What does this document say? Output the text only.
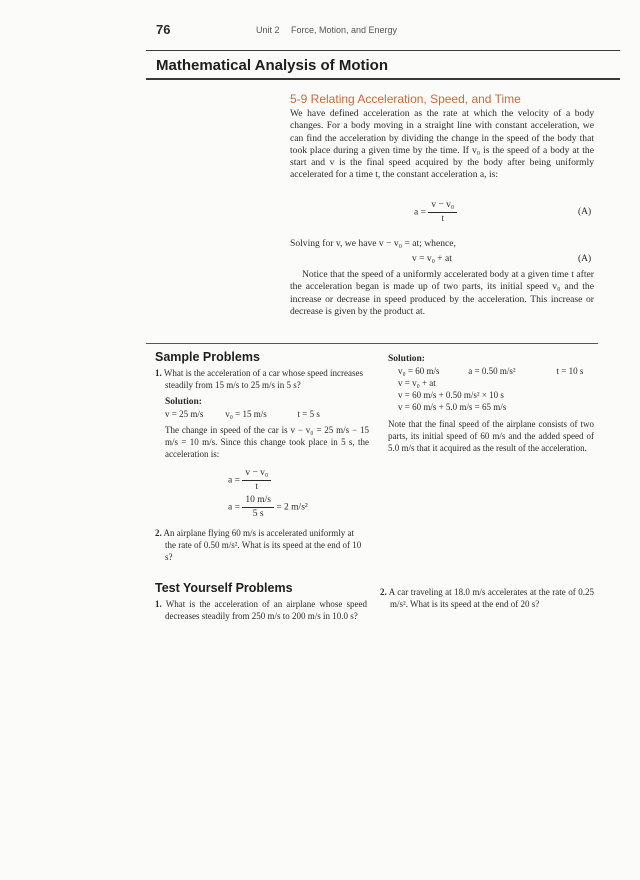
76	Unit 2 Force, Motion, and Energy
Mathematical Analysis of Motion
5-9 Relating Acceleration, Speed, and Time

We have defined acceleration as the rate at which the velocity of a body changes. For a body moving in a straight line with constant acceleration, we can find the acceleration by dividing the change in the speed of the body that took place during a given time by the time. If v₀ is the speed of a body at the start and v is the final speed acquired by the body after being uniformly accelerated for a time t, the constant acceleration a, is:

$a = \frac{\text{v − v₀}}{t}$	(A)
Solving for v, we have v − v₀ = at; whence,
v = v₀ + at	(A)

Notice that the speed of a uniformly accelerated body at a given time t after the acceleration began is made up of two parts, its initial speed v₀ and the increase or decrease in speed produced by the acceleration. This increase or decrease is given by the product at.

Sample Problems

1. What is the acceleration of a car whose speed increases steadily from 15 m/s to 25 m/s in 5 s?

Solution:
v = 25 m/s v₀ = 15 m/s	t = 5 s

The change in speed of the car is v − v₀ = 25 m/s − 15 m/s = 10 m/s. Since this change took place in 5 s, the acceleration is:

$a = \frac{\text{v − v₀}}{t}$
$a = \frac{10 m/s}{5 s} = 2$ m/s²

2. An airplane flying 60 m/s is accelerated uniformly at the rate of 0.50 m/s². What is its speed at the end of 10 s?

Solution:
v₀ = 60 m/s	a = 0.50 m/s²	t = 10 s
v = v₀ + at
v = 60 m/s + 0.50 m/s² × 10 s
v = 60 m/s + 5.0 m/s = 65 m/s

Note that the final speed of the airplane consists of two parts, its initial speed of 60 m/s and the added speed of 5.0 m/s that it acquired as the result of the acceleration.

Test Yourself Problems

1. What is the acceleration of an airplane whose speed decreases steadily from 250 m/s to 200 m/s in 10.0 s?

2. A car traveling at 18.0 m/s accelerates at the rate of 0.25 m/s². What is its speed at the end of 20 s?
